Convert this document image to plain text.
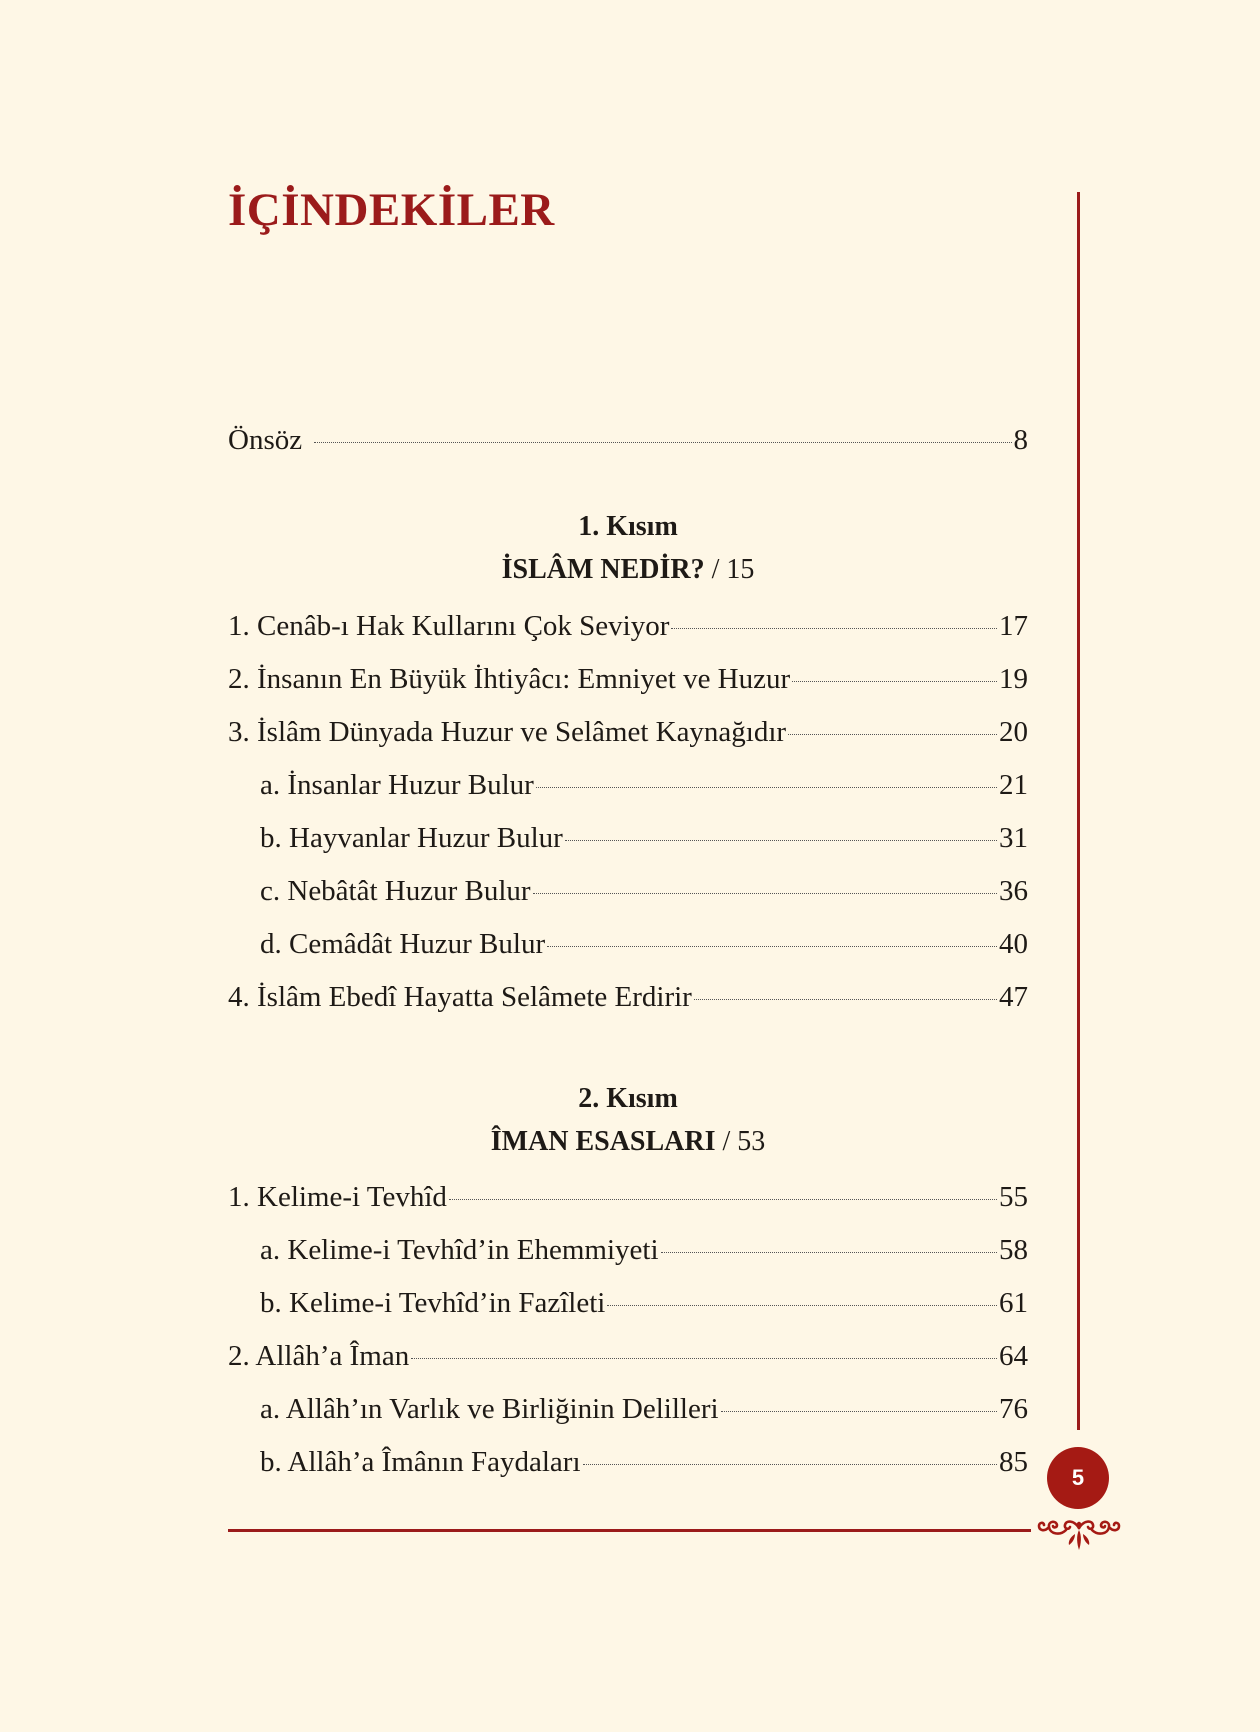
İÇİNDEKİLER
5
Önsöz	8
1. Kısım
İSLÂM NEDİR? / 15
1. Cenâb-ı Hak Kullarını Çok Seviyor	17
2. İnsanın En Büyük İhtiyâcı: Emniyet ve Huzur	19
3. İslâm Dünyada Huzur ve Selâmet Kaynağıdır	20
a. İnsanlar Huzur Bulur	21
b. Hayvanlar Huzur Bulur	31
c. Nebâtât Huzur Bulur	36
d. Cemâdât Huzur Bulur	40
4. İslâm Ebedî Hayatta Selâmete Erdirir	47
2. Kısım
ÎMAN ESASLARI / 53
1. Kelime-i Tevhîd	55
a. Kelime-i Tevhîd’in Ehemmiyeti	58
b. Kelime-i Tevhîd’in Fazîleti	61
2. Allâh’a Îman	64
a. Allâh’ın Varlık ve Birliğinin Delilleri	76
b. Allâh’a Îmânın Faydaları	85
